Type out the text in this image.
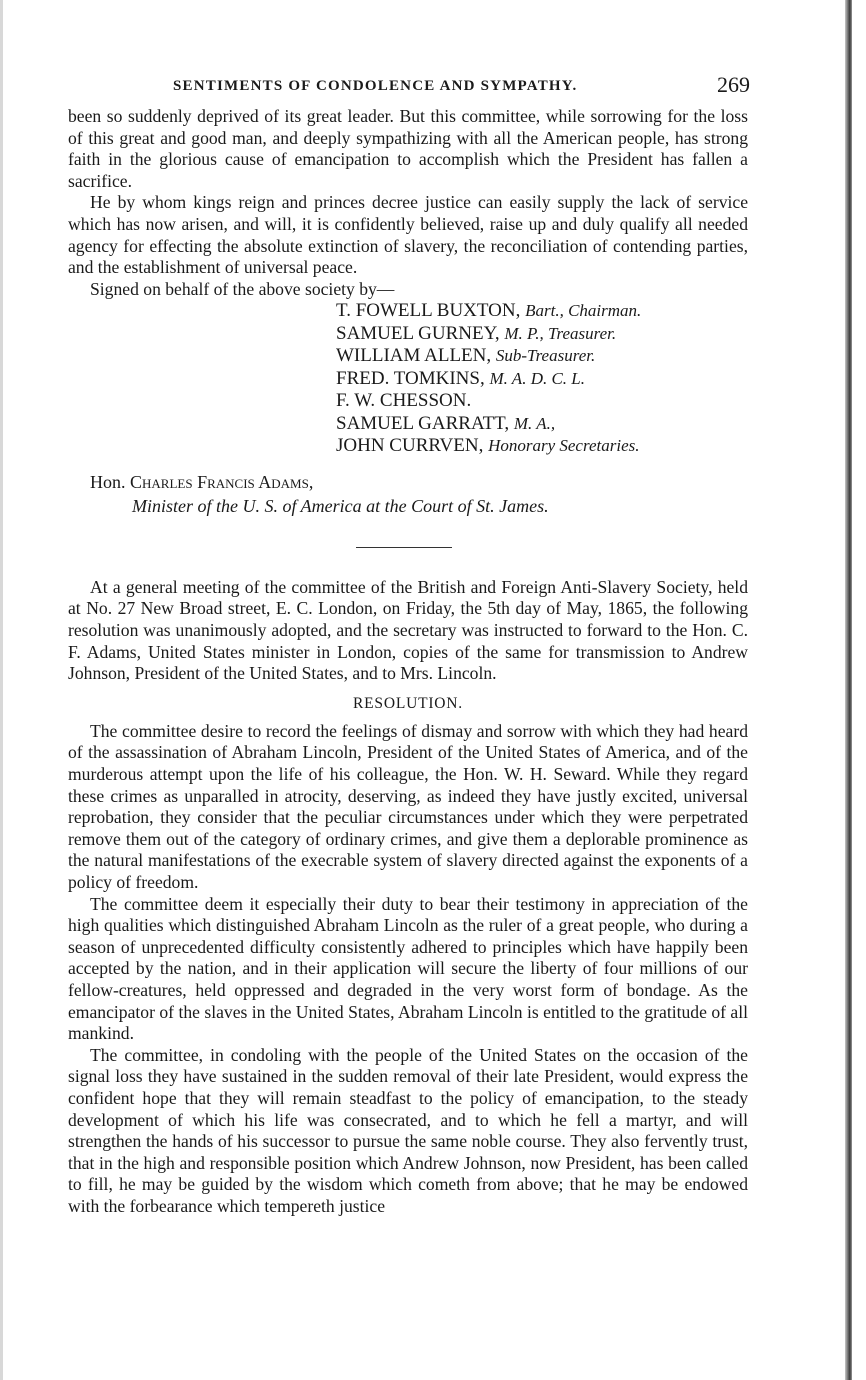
SENTIMENTS OF CONDOLENCE AND SYMPATHY.	269

been so suddenly deprived of its great leader. But this committee, while sorrowing for the loss of this great and good man, and deeply sympathizing with all the American people, has strong faith in the glorious cause of emancipation to accomplish which the President has fallen a sacrifice.

He by whom kings reign and princes decree justice can easily supply the lack of service which has now arisen, and will, it is confidently believed, raise up and duly qualify all needed agency for effecting the absolute extinction of slavery, the reconciliation of contending parties, and the establishment of universal peace.

Signed on behalf of the above society by—

T. FOWELL BUXTON, Bart., Chairman.
SAMUEL GURNEY, M. P., Treasurer.
WILLIAM ALLEN, Sub-Treasurer.
FRED. TOMKINS, M. A. D. C. L.
F. W. CHESSON.
SAMUEL GARRATT, M. A.,
JOHN CURRVEN, Honorary Secretaries.
Hon. Charles Francis Adams,
Minister of the U. S. of America at the Court of St. James.

At a general meeting of the committee of the British and Foreign Anti-Slavery Society, held at No. 27 New Broad street, E. C. London, on Friday, the 5th day of May, 1865, the following resolution was unanimously adopted, and the secretary was instructed to forward to the Hon. C. F. Adams, United States minister in London, copies of the same for transmission to Andrew Johnson, President of the United States, and to Mrs. Lincoln.

RESOLUTION.

The committee desire to record the feelings of dismay and sorrow with which they had heard of the assassination of Abraham Lincoln, President of the United States of America, and of the murderous attempt upon the life of his colleague, the Hon. W. H. Seward. While they regard these crimes as unparalled in atrocity, deserving, as indeed they have justly excited, universal reprobation, they consider that the peculiar circumstances under which they were perpetrated remove them out of the category of ordinary crimes, and give them a deplorable prominence as the natural manifestations of the execrable system of slavery directed against the exponents of a policy of freedom.

The committee deem it especially their duty to bear their testimony in appreciation of the high qualities which distinguished Abraham Lincoln as the ruler of a great people, who during a season of unprecedented difficulty consistently adhered to principles which have happily been accepted by the nation, and in their application will secure the liberty of four millions of our fellow-creatures, held oppressed and degraded in the very worst form of bondage. As the emancipator of the slaves in the United States, Abraham Lincoln is entitled to the gratitude of all mankind.

The committee, in condoling with the people of the United States on the occasion of the signal loss they have sustained in the sudden removal of their late President, would express the confident hope that they will remain steadfast to the policy of emancipation, to the steady development of which his life was consecrated, and to which he fell a martyr, and will strengthen the hands of his successor to pursue the same noble course. They also fervently trust, that in the high and responsible position which Andrew Johnson, now President, has been called to fill, he may be guided by the wisdom which cometh from above; that he may be endowed with the forbearance which tempereth justice
